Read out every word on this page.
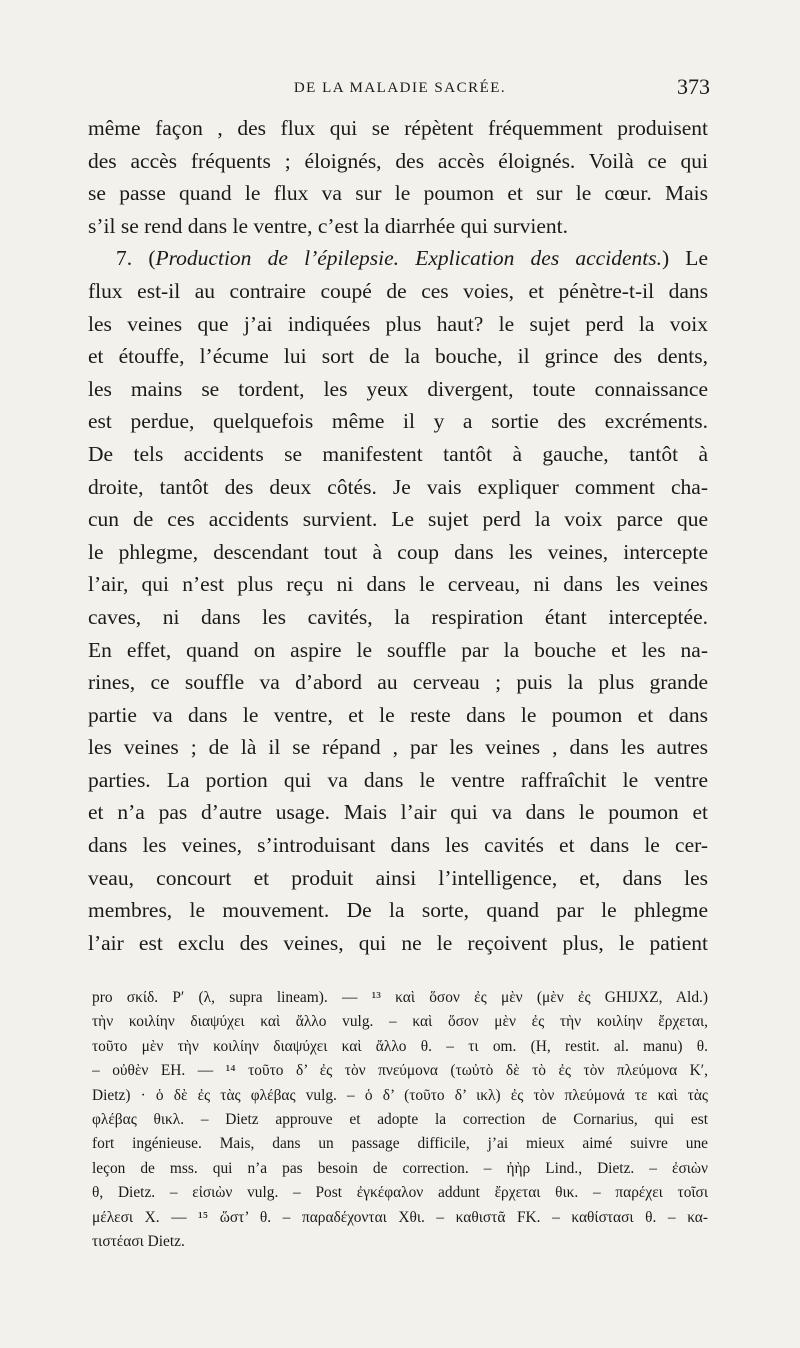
DE LA MALADIE SACRÉE.	373
même façon , des flux qui se répètent fréquemment produisent
des accès fréquents ; éloignés, des accès éloignés. Voilà ce qui
se passe quand le flux va sur le poumon et sur le cœur. Mais
s’il se rend dans le ventre, c’est la diarrhée qui survient.
7. (Production de l’épilepsie. Explication des accidents.) Le
flux est-il au contraire coupé de ces voies, et pénètre-t-il dans
les veines que j’ai indiquées plus haut? le sujet perd la voix
et étouffe, l’écume lui sort de la bouche, il grince des dents,
les mains se tordent, les yeux divergent, toute connaissance
est perdue, quelquefois même il y a sortie des excréments.
De tels accidents se manifestent tantôt à gauche, tantôt à
droite, tantôt des deux côtés. Je vais expliquer comment cha-
cun de ces accidents survient. Le sujet perd la voix parce que
le phlegme, descendant tout à coup dans les veines, intercepte
l’air, qui n’est plus reçu ni dans le cerveau, ni dans les veines
caves, ni dans les cavités, la respiration étant interceptée.
En effet, quand on aspire le souffle par la bouche et les na-
rines, ce souffle va d’abord au cerveau ; puis la plus grande
partie va dans le ventre, et le reste dans le poumon et dans
les veines ; de là il se répand , par les veines , dans les autres
parties. La portion qui va dans le ventre raffraîchit le ventre
et n’a pas d’autre usage. Mais l’air qui va dans le poumon et
dans les veines, s’introduisant dans les cavités et dans le cer-
veau, concourt et produit ainsi l’intelligence, et, dans les
membres, le mouvement. De la sorte, quand par le phlegme
l’air est exclu des veines, qui ne le reçoivent plus, le patient
pro σκίδ. P′ (λ, supra lineam). — ¹³ καὶ ὅσον ἐς μὲν (μὲν ἐς GHIJXZ, Ald.)
τὴν κοιλίην διαψύχει καὶ ἄλλο vulg. – καὶ ὅσον μὲν ἐς τὴν κοιλίην ἔρχεται,
τοῦτο μὲν τὴν κοιλίην διαψύχει καὶ ἄλλο θ. – τι om. (H, restit. al. manu) θ.
– οὐθὲν EH. — ¹⁴ τοῦτο δ’ ἐς τὸν πνεύμονα (τωὐτὸ δὲ τὸ ἐς τὸν πλεύμονα K′,
Dietz) · ὁ δὲ ἐς τὰς φλέβας vulg. – ὁ δ’ (τοῦτο δ’ ικλ) ἐς τὸν πλεύμονά τε καὶ τὰς
φλέβας θικλ. – Dietz approuve et adopte la correction de Cornarius, qui est
fort ingénieuse. Mais, dans un passage difficile, j’ai mieux aimé suivre une
leçon de mss. qui n’a pas besoin de correction. – ἠὴρ Lind., Dietz. – ἐσιὼν
θ, Dietz. – εἰσιὼν vulg. – Post ἐγκέφαλον addunt ἔρχεται θικ. – παρέχει τοῖσι
μέλεσι X. — ¹⁵ ὥστ’ θ. – παραδέχονται Xθι. – καθιστᾶ FK. – καθίστασι θ. – κα-
τιστέασι Dietz.
